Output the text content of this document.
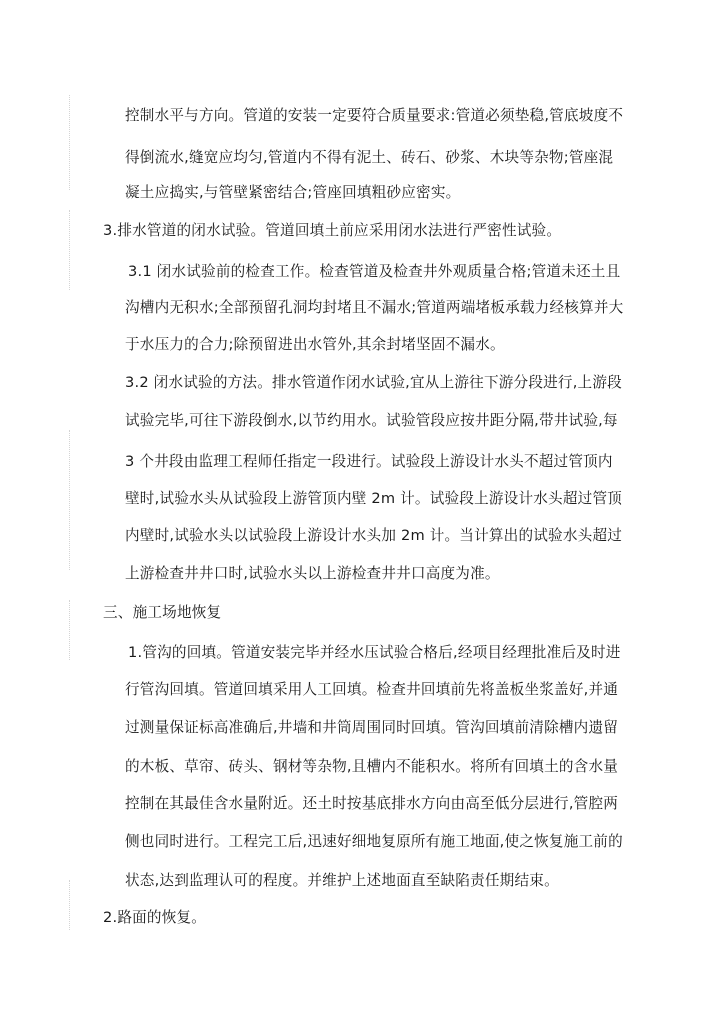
控制水平与方向。管道的安装一定要符合质量要求:管道必须垫稳,管底坡度不
得倒流水,缝宽应均匀,管道内不得有泥土、砖石、砂浆、木块等杂物;管座混
凝土应捣实,与管壁紧密结合;管座回填粗砂应密实。
3.排水管道的闭水试验。管道回填土前应采用闭水法进行严密性试验。
3.1 闭水试验前的检查工作。检查管道及检查井外观质量合格;管道未还土且
沟槽内无积水;全部预留孔洞均封堵且不漏水;管道两端堵板承载力经核算并大
于水压力的合力;除预留进出水管外,其余封堵坚固不漏水。
3.2 闭水试验的方法。排水管道作闭水试验,宜从上游往下游分段进行,上游段
试验完毕,可往下游段倒水,以节约用水。试验管段应按井距分隔,带井试验,每
3 个井段由监理工程师任指定一段进行。试验段上游设计水头不超过管顶内
壁时,试验水头从试验段上游管顶内壁 2m 计。试验段上游设计水头超过管顶
内壁时,试验水头以试验段上游设计水头加 2m 计。当计算出的试验水头超过
上游检查井井口时,试验水头以上游检查井井口高度为准。
三、施工场地恢复
1.管沟的回填。管道安装完毕并经水压试验合格后,经项目经理批准后及时进
行管沟回填。管道回填采用人工回填。检查井回填前先将盖板坐浆盖好,并通
过测量保证标高准确后,井墙和井筒周围同时回填。管沟回填前清除槽内遗留
的木板、草帘、砖头、钢材等杂物,且槽内不能积水。将所有回填土的含水量
控制在其最佳含水量附近。还土时按基底排水方向由高至低分层进行,管腔两
侧也同时进行。工程完工后,迅速好细地复原所有施工地面,使之恢复施工前的
状态,达到监理认可的程度。并维护上述地面直至缺陷责任期结束。
2.路面的恢复。
